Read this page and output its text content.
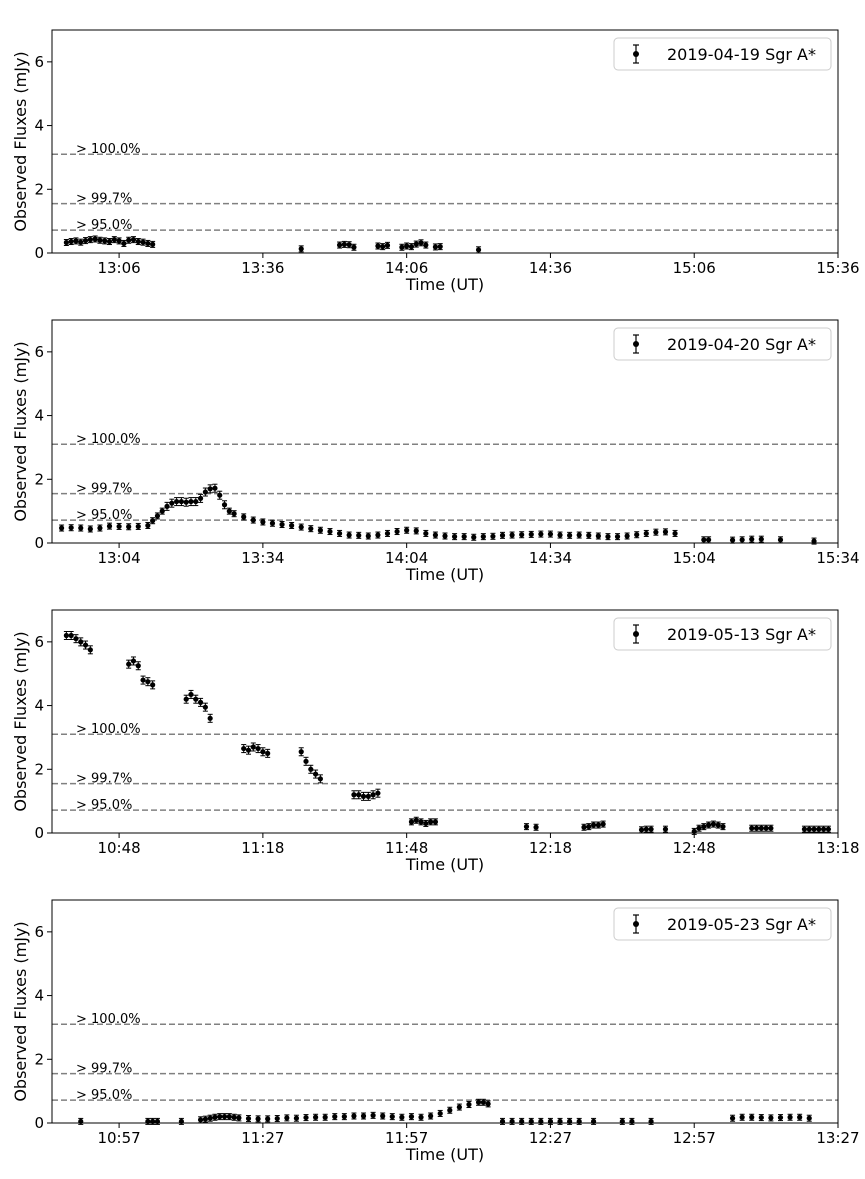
Observed Fluxes (mJy)
0
2
4
6
13:06	13:36	14:06	14:36	15:06	15:36
Time (UT)
> 100.0%
> 99.7%
> 95.0%
2019-04-19 Sgr A*
Observed Fluxes (mJy)
0
2
4
6
13:04	13:34	14:04	14:34	15:04	15:34
Time (UT)
> 100.0%
> 99.7%
> 95.0%
2019-04-20 Sgr A*
Observed Fluxes (mJy)
0
2
4
6
10:48	11:18	11:48	12:18	12:48	13:18
Time (UT)
> 100.0%
> 99.7%
> 95.0%
2019-05-13 Sgr A*
Observed Fluxes (mJy)
0
2
4
6
10:57	11:27	11:57	12:27	12:57	13:27
Time (UT)
> 100.0%
> 99.7%
> 95.0%
2019-05-23 Sgr A*
